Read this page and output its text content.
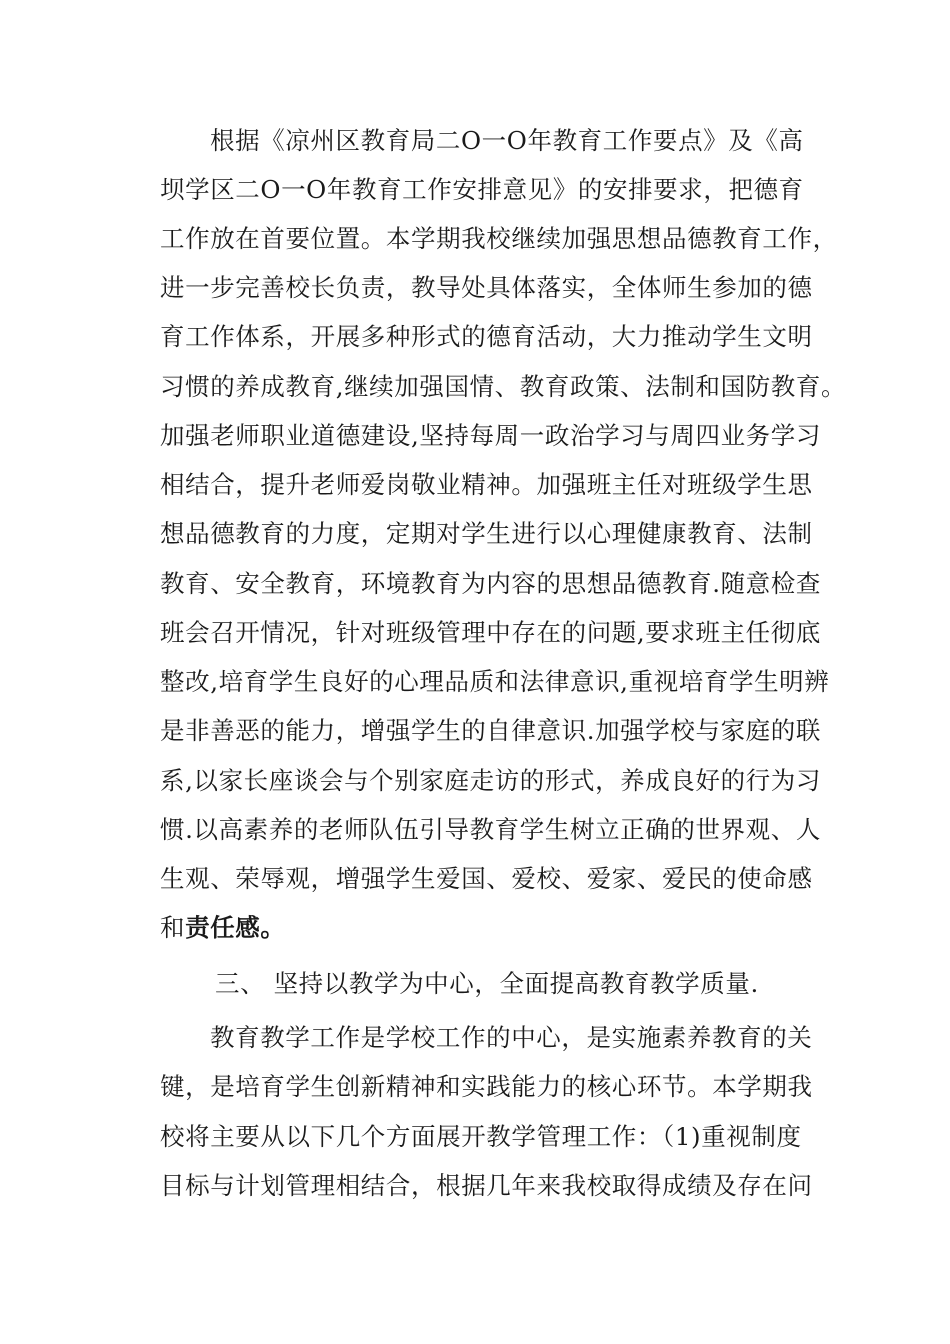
根据《凉州区教育局二O一O年教育工作要点》及《高
坝学区二O一O年教育工作安排意见》的安排要求，把德育
工作放在首要位置。本学期我校继续加强思想品德教育工作，
进一步完善校长负责，教导处具体落实，全体师生参加的德
育工作体系，开展多种形式的德育活动，大力推动学生文明
习惯的养成教育,继续加强国情、教育政策、法制和国防教育。
加强老师职业道德建设,坚持每周一政治学习与周四业务学习
相结合，提升老师爱岗敬业精神。加强班主任对班级学生思
想品德教育的力度，定期对学生进行以心理健康教育、法制
教育、安全教育，环境教育为内容的思想品德教育.随意检查
班会召开情况，针对班级管理中存在的问题,要求班主任彻底
整改,培育学生良好的心理品质和法律意识,重视培育学生明辨
是非善恶的能力，增强学生的自律意识.加强学校与家庭的联
系,以家长座谈会与个别家庭走访的形式，养成良好的行为习
惯.以高素养的老师队伍引导教育学生树立正确的世界观、人
生观、荣辱观，增强学生爱国、爱校、爱家、爱民的使命感
和责任感。
三、 坚持以教学为中心，全面提高教育教学质量.
教育教学工作是学校工作的中心，是实施素养教育的关
键，是培育学生创新精神和实践能力的核心环节。本学期我
校将主要从以下几个方面展开教学管理工作：（1)重视制度
目标与计划管理相结合，根据几年来我校取得成绩及存在问
